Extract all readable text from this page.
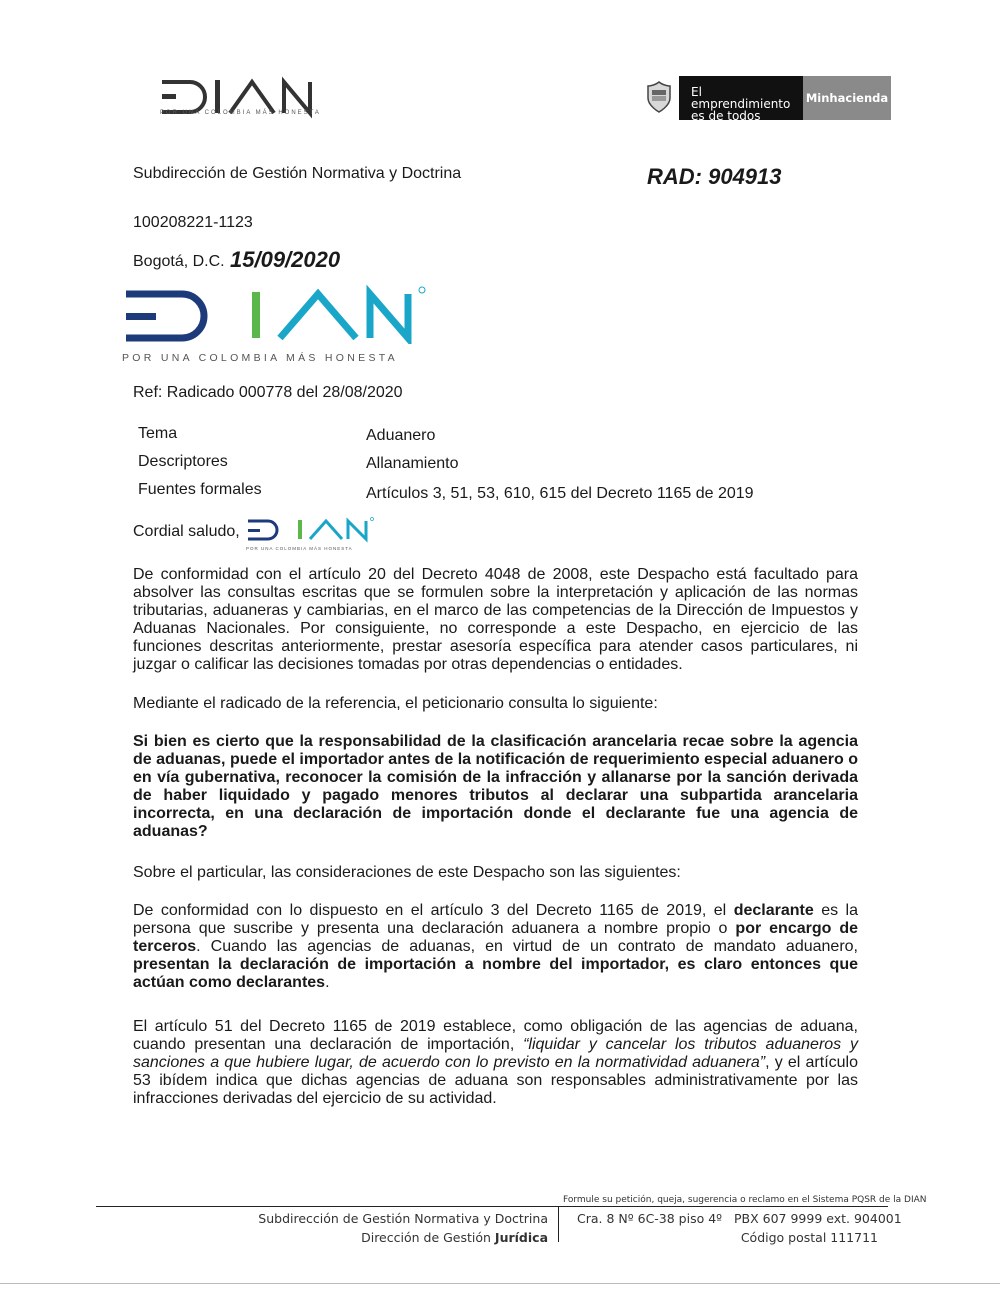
POR UNA COLOMBIA MÁS HONESTA
El emprendimiento
es de todos
Minhacienda
Subdirección de Gestión Normativa y Doctrina	RAD: 904913
100208221-1123
Bogotá, D.C. 15/09/2020
POR UNA COLOMBIA MÁS HONESTA
Ref: Radicado 000778 del 28/08/2020
Tema	Aduanero
Descriptores	Allanamiento
Fuentes formales	Artículos 3, 51, 53, 610, 615 del Decreto 1165 de 2019
Cordial saludo,
POR UNA COLOMBIA MÁS HONESTA
De conformidad con el artículo 20 del Decreto 4048 de 2008, este Despacho está facultado para absolver las consultas escritas que se formulen sobre la interpretación y aplicación de las normas tributarias, aduaneras y cambiarias, en el marco de las competencias de la Dirección de Impuestos y Aduanas Nacionales. Por consiguiente, no corresponde a este Despacho, en ejercicio de las funciones descritas anteriormente, prestar asesoría específica para atender casos particulares, ni juzgar o calificar las decisiones tomadas por otras dependencias o entidades.
Mediante el radicado de la referencia, el peticionario consulta lo siguiente:
Si bien es cierto que la responsabilidad de la clasificación arancelaria recae sobre la agencia de aduanas, puede el importador antes de la notificación de requerimiento especial aduanero o en vía gubernativa, reconocer la comisión de la infracción y allanarse por la sanción derivada de haber liquidado y pagado menores tributos al declarar una subpartida arancelaria incorrecta, en una declaración de importación donde el declarante fue una agencia de aduanas?
Sobre el particular, las consideraciones de este Despacho son las siguientes:
De conformidad con lo dispuesto en el artículo 3 del Decreto 1165 de 2019, el declarante es la persona que suscribe y presenta una declaración aduanera a nombre propio o por encargo de terceros. Cuando las agencias de aduanas, en virtud de un contrato de mandato aduanero, presentan la declaración de importación a nombre del importador, es claro entonces que actúan como declarantes.
El artículo 51 del Decreto 1165 de 2019 establece, como obligación de las agencias de aduana, cuando presentan una declaración de importación, “liquidar y cancelar los tributos aduaneros y sanciones a que hubiere lugar, de acuerdo con lo previsto en la normatividad aduanera”, y el artículo 53 ibídem indica que dichas agencias de aduana son responsables administrativamente por las infracciones derivadas del ejercicio de su actividad.
Formule su petición, queja, sugerencia o reclamo en el Sistema PQSR de la DIAN
Subdirección de Gestión Normativa y Doctrina
Dirección de Gestión Jurídica
Cra. 8 Nº 6C-38 piso 4º   PBX 607 9999 ext. 904001
Código postal 111711
